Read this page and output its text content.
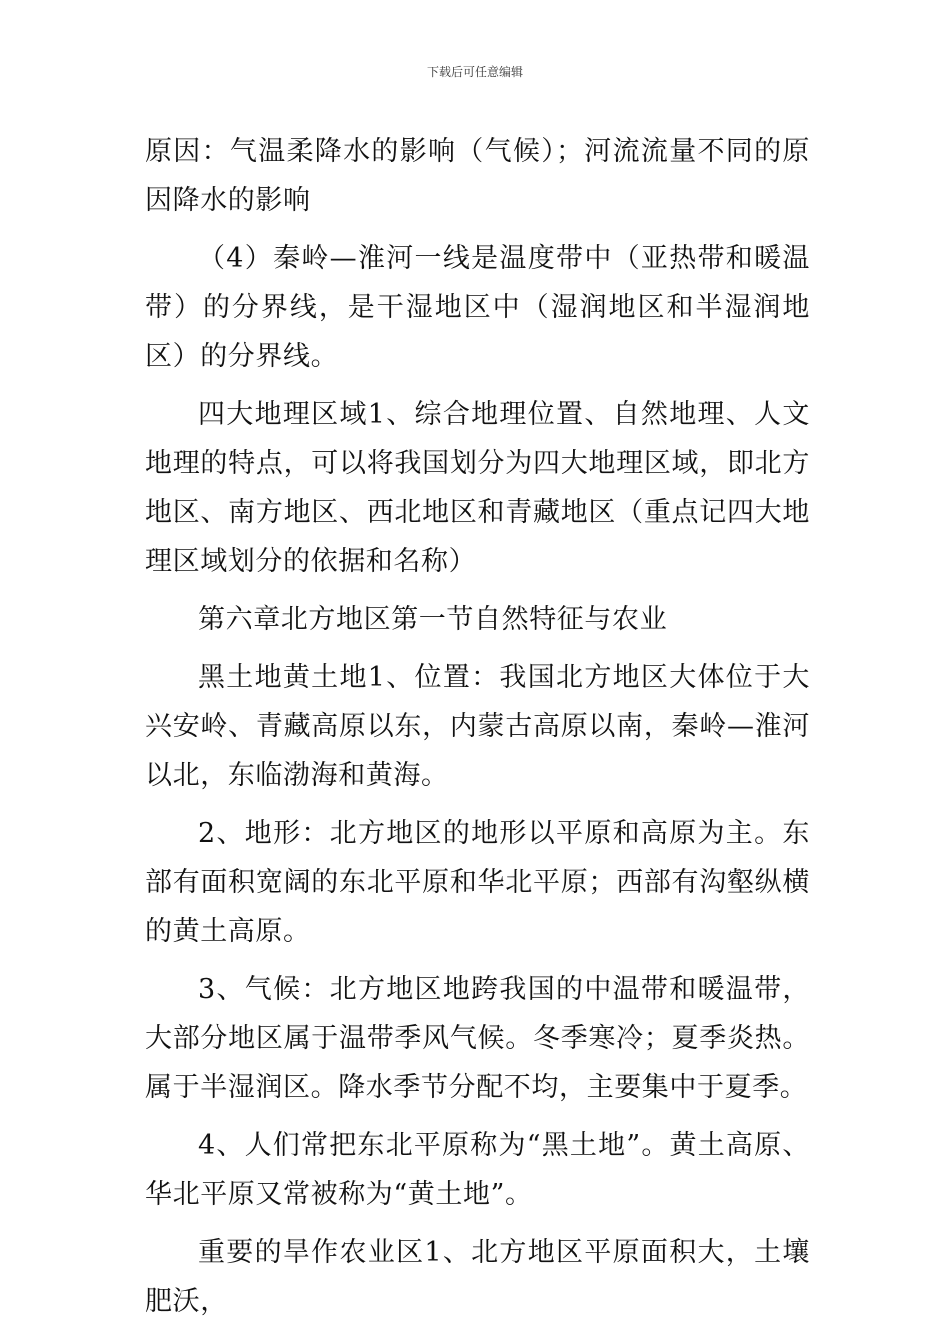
下载后可任意编辑

原因：气温柔降水的影响（气候）；河流流量不同的原因降水的影响

（4）秦岭—淮河一线是温度带中（亚热带和暖温带）的分界线，是干湿地区中（湿润地区和半湿润地区）的分界线。

四大地理区域1、综合地理位置、自然地理、人文地理的特点，可以将我国划分为四大地理区域，即北方地区、南方地区、西北地区和青藏地区（重点记四大地理区域划分的依据和名称）

第六章北方地区第一节自然特征与农业

黑土地黄土地1、位置：我国北方地区大体位于大兴安岭、青藏高原以东，内蒙古高原以南，秦岭—淮河以北，东临渤海和黄海。

2、地形：北方地区的地形以平原和高原为主。东部有面积宽阔的东北平原和华北平原；西部有沟壑纵横的黄土高原。

3、气候：北方地区地跨我国的中温带和暖温带，大部分地区属于温带季风气候。冬季寒冷；夏季炎热。属于半湿润区。降水季节分配不均，主要集中于夏季。

4、人们常把东北平原称为“黑土地”。黄土高原、华北平原又常被称为“黄土地”。

重要的旱作农业区1、北方地区平原面积大，土壤肥沃，
